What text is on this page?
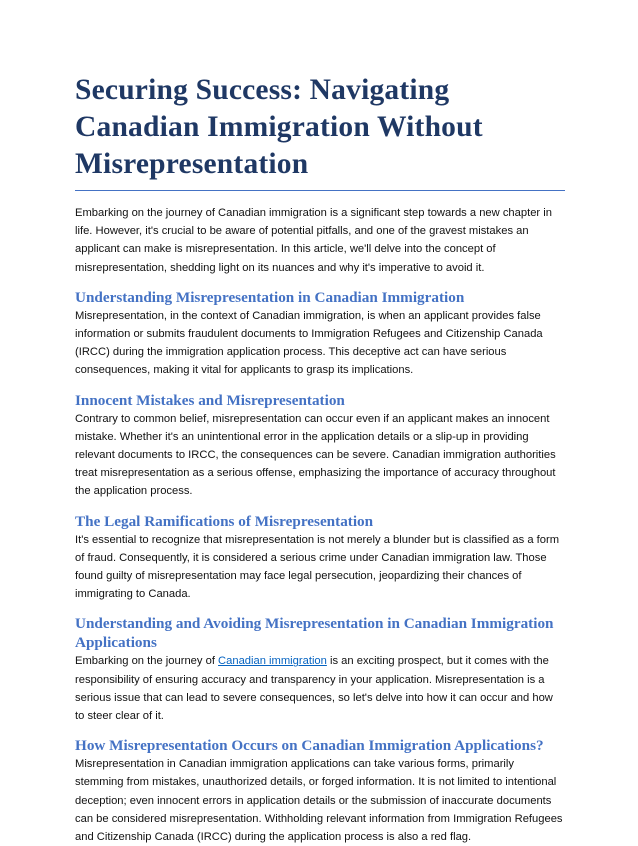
Securing Success: Navigating Canadian Immigration Without Misrepresentation

Embarking on the journey of Canadian immigration is a significant step towards a new chapter in life. However, it's crucial to be aware of potential pitfalls, and one of the gravest mistakes an applicant can make is misrepresentation. In this article, we'll delve into the concept of misrepresentation, shedding light on its nuances and why it's imperative to avoid it.

Understanding Misrepresentation in Canadian Immigration

Misrepresentation, in the context of Canadian immigration, is when an applicant provides false information or submits fraudulent documents to Immigration Refugees and Citizenship Canada (IRCC) during the immigration application process. This deceptive act can have serious consequences, making it vital for applicants to grasp its implications.

Innocent Mistakes and Misrepresentation

Contrary to common belief, misrepresentation can occur even if an applicant makes an innocent mistake. Whether it's an unintentional error in the application details or a slip-up in providing relevant documents to IRCC, the consequences can be severe. Canadian immigration authorities treat misrepresentation as a serious offense, emphasizing the importance of accuracy throughout the application process.

The Legal Ramifications of Misrepresentation

It's essential to recognize that misrepresentation is not merely a blunder but is classified as a form of fraud. Consequently, it is considered a serious crime under Canadian immigration law. Those found guilty of misrepresentation may face legal persecution, jeopardizing their chances of immigrating to Canada.

Understanding and Avoiding Misrepresentation in Canadian Immigration Applications

Embarking on the journey of Canadian immigration is an exciting prospect, but it comes with the responsibility of ensuring accuracy and transparency in your application. Misrepresentation is a serious issue that can lead to severe consequences, so let's delve into how it can occur and how to steer clear of it.

How Misrepresentation Occurs on Canadian Immigration Applications?

Misrepresentation in Canadian immigration applications can take various forms, primarily stemming from mistakes, unauthorized details, or forged information. It is not limited to intentional deception; even innocent errors in application details or the submission of inaccurate documents can be considered misrepresentation. Withholding relevant information from Immigration Refugees and Citizenship Canada (IRCC) during the application process is also a red flag.
